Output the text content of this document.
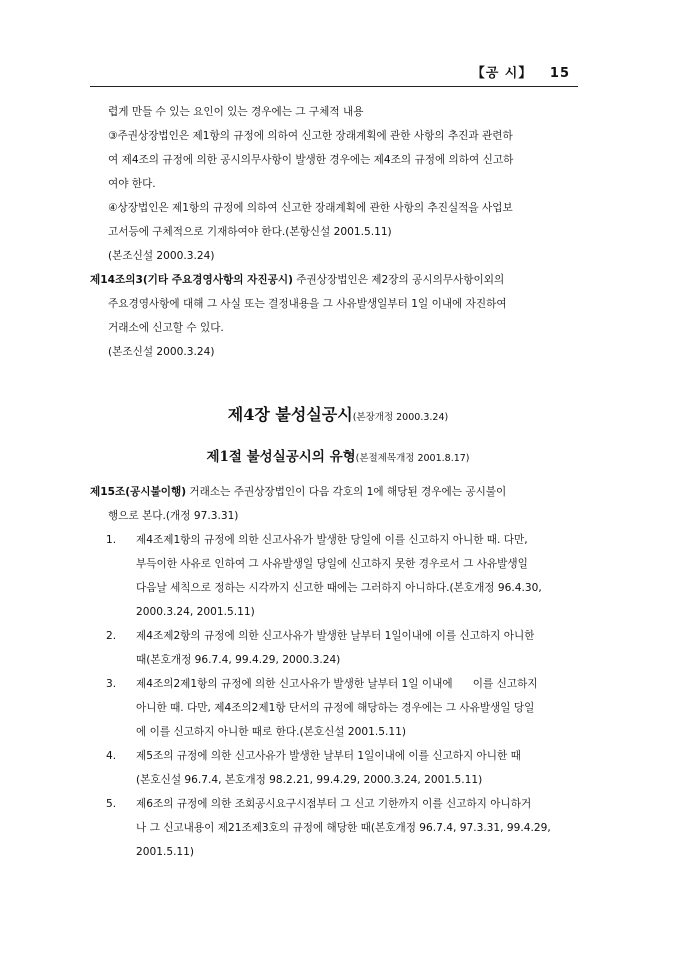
【공 시】 15
렵게 만들 수 있는 요인이 있는 경우에는 그 구체적 내용
③주권상장법인은 제1항의 규정에 의하여 신고한 장래계획에 관한 사항의 추진과 관련하
여 제4조의 규정에 의한 공시의무사항이 발생한 경우에는 제4조의 규정에 의하여 신고하
여야 한다.
④상장법인은 제1항의 규정에 의하여 신고한 장래계획에 관한 사항의 추진실적을 사업보
고서등에 구체적으로 기재하여야 한다.(본항신설 2001.5.11)
(본조신설 2000.3.24)
제14조의3(기타 주요경영사항의 자진공시) 주권상장법인은 제2장의 공시의무사항이외의
주요경영사항에 대해 그 사실 또는 결정내용을 그 사유발생일부터 1일 이내에 자진하여
거래소에 신고할 수 있다.
(본조신설 2000.3.24)
제4장 불성실공시(본장개정 2000.3.24)
제1절 불성실공시의 유형(본절제목개정 2001.8.17)
제15조(공시불이행) 거래소는 주권상장법인이 다음 각호의 1에 해당된 경우에는 공시불이
행으로 본다.(개정 97.3.31)
1.	제4조제1항의 규정에 의한 신고사유가 발생한 당일에 이를 신고하지 아니한 때. 다만,
부득이한 사유로 인하여 그 사유발생일 당일에 신고하지 못한 경우로서 그 사유발생일
다음날 세칙으로 정하는 시각까지 신고한 때에는 그러하지 아니하다.(본호개정 96.4.30,
2000.3.24, 2001.5.11)
2.	제4조제2항의 규정에 의한 신고사유가 발생한 날부터 1일이내에 이를 신고하지 아니한
때(본호개정 96.7.4, 99.4.29, 2000.3.24)
3.	제4조의2제1항의 규정에 의한 신고사유가 발생한 날부터 1일 이내에      이를 신고하지
아니한 때. 다만, 제4조의2제1항 단서의 규정에 해당하는 경우에는 그 사유발생일 당일
에 이를 신고하지 아니한 때로 한다.(본호신설 2001.5.11)
4.	제5조의 규정에 의한 신고사유가 발생한 날부터 1일이내에 이를 신고하지 아니한 때
(본호신설 96.7.4, 본호개정 98.2.21, 99.4.29, 2000.3.24, 2001.5.11)
5.	제6조의 규정에 의한 조회공시요구시점부터 그 신고 기한까지 이를 신고하지 아니하거
나 그 신고내용이 제21조제3호의 규정에 해당한 때(본호개정 96.7.4, 97.3.31, 99.4.29,
2001.5.11)
